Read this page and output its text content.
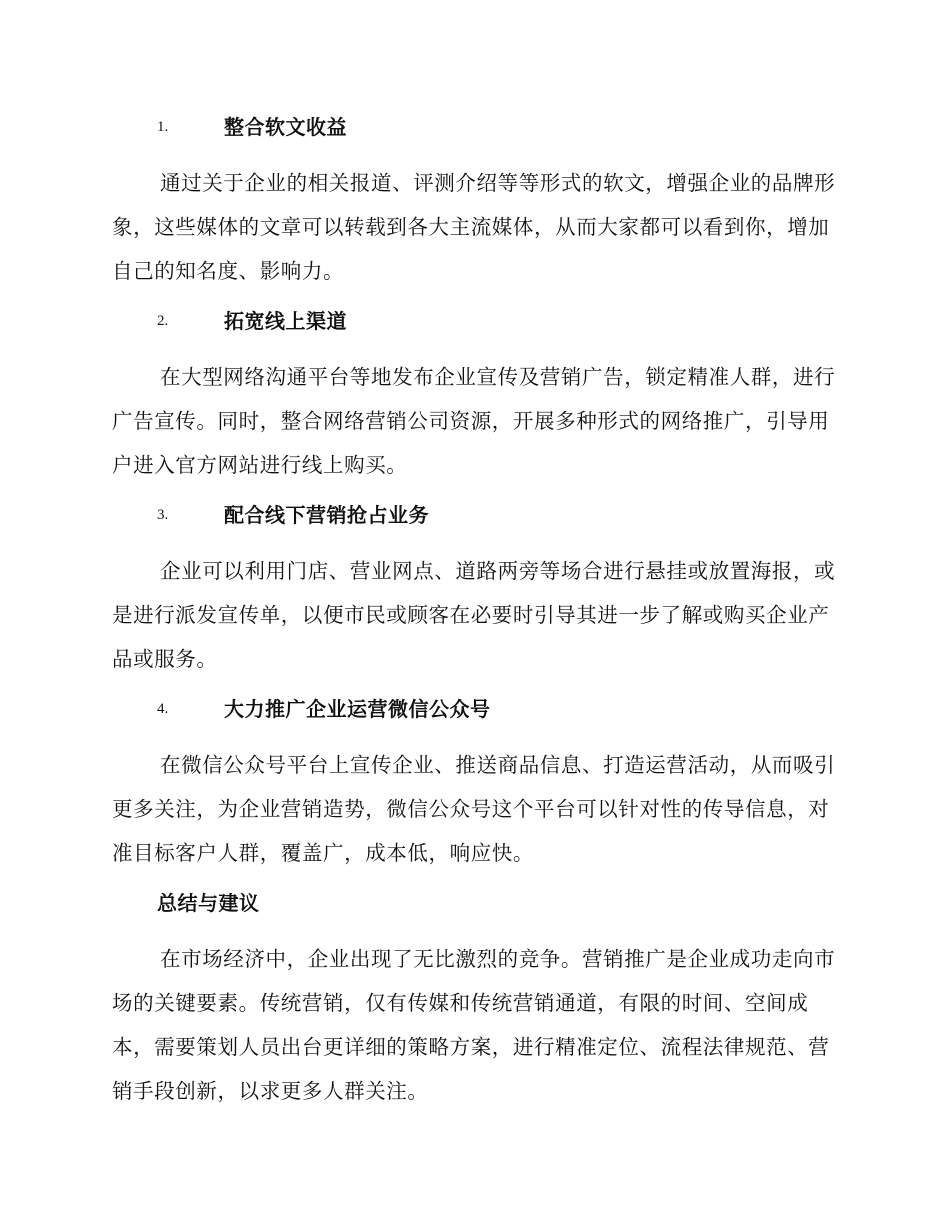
1.	整合软文收益

通过关于企业的相关报道、评测介绍等等形式的软文，增强企业的品牌形象，这些媒体的文章可以转载到各大主流媒体，从而大家都可以看到你，增加自己的知名度、影响力。

2.	拓宽线上渠道

在大型网络沟通平台等地发布企业宣传及营销广告，锁定精准人群，进行广告宣传。同时，整合网络营销公司资源，开展多种形式的网络推广，引导用户进入官方网站进行线上购买。

3.	配合线下营销抢占业务

企业可以利用门店、营业网点、道路两旁等场合进行悬挂或放置海报，或是进行派发宣传单，以便市民或顾客在必要时引导其进一步了解或购买企业产品或服务。

4.	大力推广企业运营微信公众号

在微信公众号平台上宣传企业、推送商品信息、打造运营活动，从而吸引更多关注，为企业营销造势，微信公众号这个平台可以针对性的传导信息，对准目标客户人群，覆盖广，成本低，响应快。

总结与建议

在市场经济中，企业出现了无比激烈的竞争。营销推广是企业成功走向市场的关键要素。传统营销，仅有传媒和传统营销通道，有限的时间、空间成本，需要策划人员出台更详细的策略方案，进行精准定位、流程法律规范、营销手段创新，以求更多人群关注。
